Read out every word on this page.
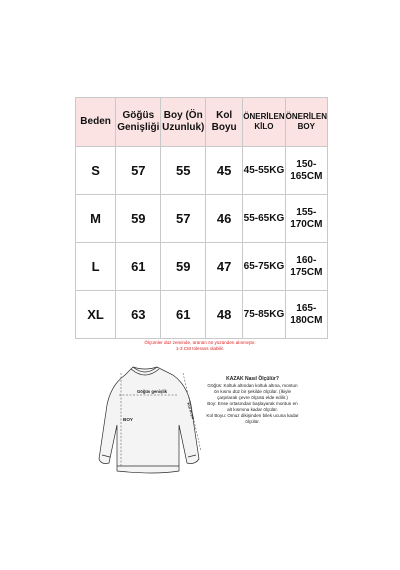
Beden	Göğüs Genişliği	Boy (Ön Uzunluk)	Kol Boyu	ÖNERİLEN KİLO	ÖNERİLEN BOY
S	57	55	45	45-55KG	150-165CM
M	59	57	46	55-65KG	155-170CM
L	61	59	47	65-75KG	160-175CM
XL	63	61	48	75-85KG	165-180CM
Ölçümler düz zeminde, ürünün ön yüzünden alınmıştır.
1-3 CM tolerans olabilir.
Göğüs genişlik
BOY	Kol boyu
KAZAK Nasıl Ölçülür?
Göğüs: Koltuk altından koltuk altına, montun ön kısmı düz bir şekilde ölçülür. (İkiyle çarpılarak çevre ölçüsü elde edilir.)
Boy: Ense ortasından başlayarak montun en alt kısmına kadar ölçülür.
Kol Boyu: Omuz dikişinden bilek ucuna kadar ölçülür.
